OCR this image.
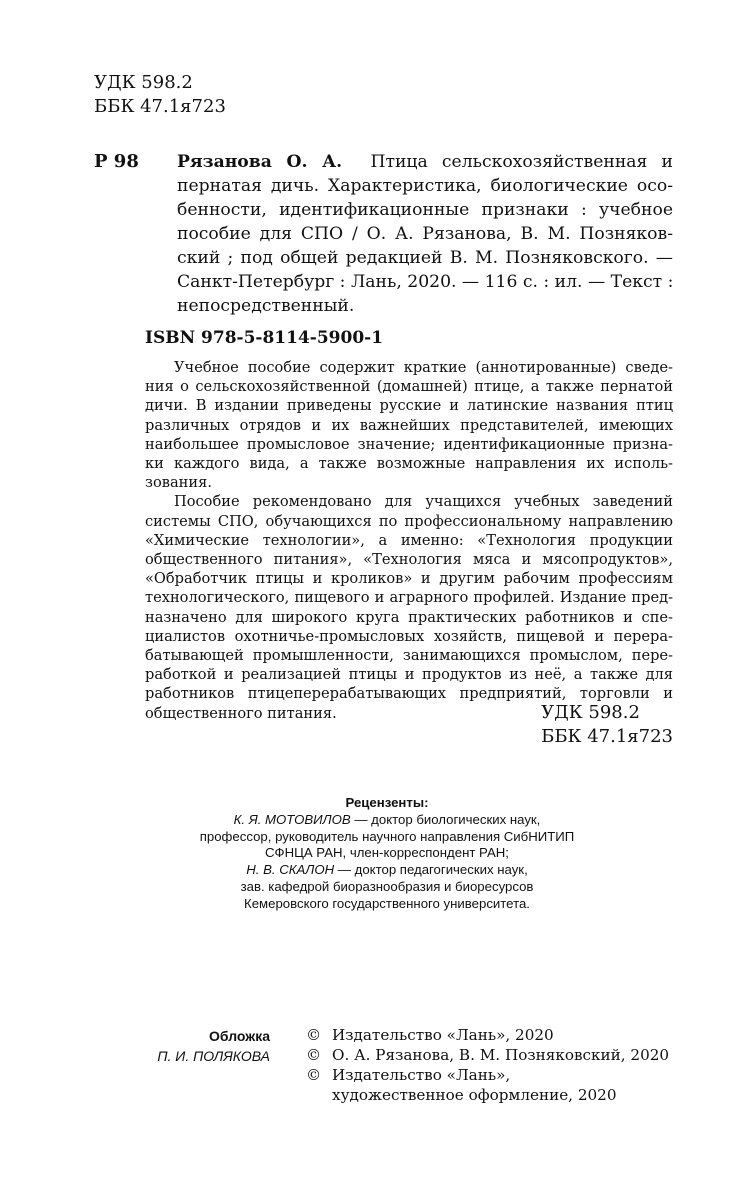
УДК 598.2
ББК 47.1я723
Р 98 Рязанова О. А. Птица сельскохозяйственная и
пернатая дичь. Характеристика, биологические осо-
бенности, идентификационные признаки : учебное
пособие для СПО / О. А. Рязанова, В. М. Позняков-
ский ; под общей редакцией В. М. Позняковского. —
Санкт-Петербург : Лань, 2020. — 116 с. : ил. — Текст :
непосредственный.
ISBN 978-5-8114-5900-1
Учебное пособие содержит краткие (аннотированные) сведе-
ния о сельскохозяйственной (домашней) птице, а также пернатой
дичи. В издании приведены русские и латинские названия птиц
различных отрядов и их важнейших представителей, имеющих
наибольшее промысловое значение; идентификационные призна-
ки каждого вида, а также возможные направления их исполь-
зования.
Пособие рекомендовано для учащихся учебных заведений
системы СПО, обучающихся по профессиональному направлению
«Химические технологии», а именно: «Технология продукции
общественного питания», «Технология мяса и мясопродуктов»,
«Обработчик птицы и кроликов» и другим рабочим профессиям
технологического, пищевого и аграрного профилей. Издание пред-
назначено для широкого круга практических работников и спе-
циалистов охотничье-промысловых хозяйств, пищевой и перера-
батывающей промышленности, занимающихся промыслом, пере-
работкой и реализацией птицы и продуктов из неё, а также для
работников птицеперерабатывающих предприятий, торговли и
общественного питания.	УДК 598.2
ББК 47.1я723
Рецензенты:
К. Я. МОТОВИЛОВ — доктор биологических наук,
профессор, руководитель научного направления СибНИТИП
СФНЦА РАН, член-корреспондент РАН;
Н. В. СКАЛОН — доктор педагогических наук,
зав. кафедрой биоразнообразия и биоресурсов
Кемеровского государственного университета.
Обложка
П. И. ПОЛЯКОВА
© Издательство «Лань», 2020
© О. А. Рязанова, В. М. Позняковский, 2020
© Издательство «Лань»,
художественное оформление, 2020
